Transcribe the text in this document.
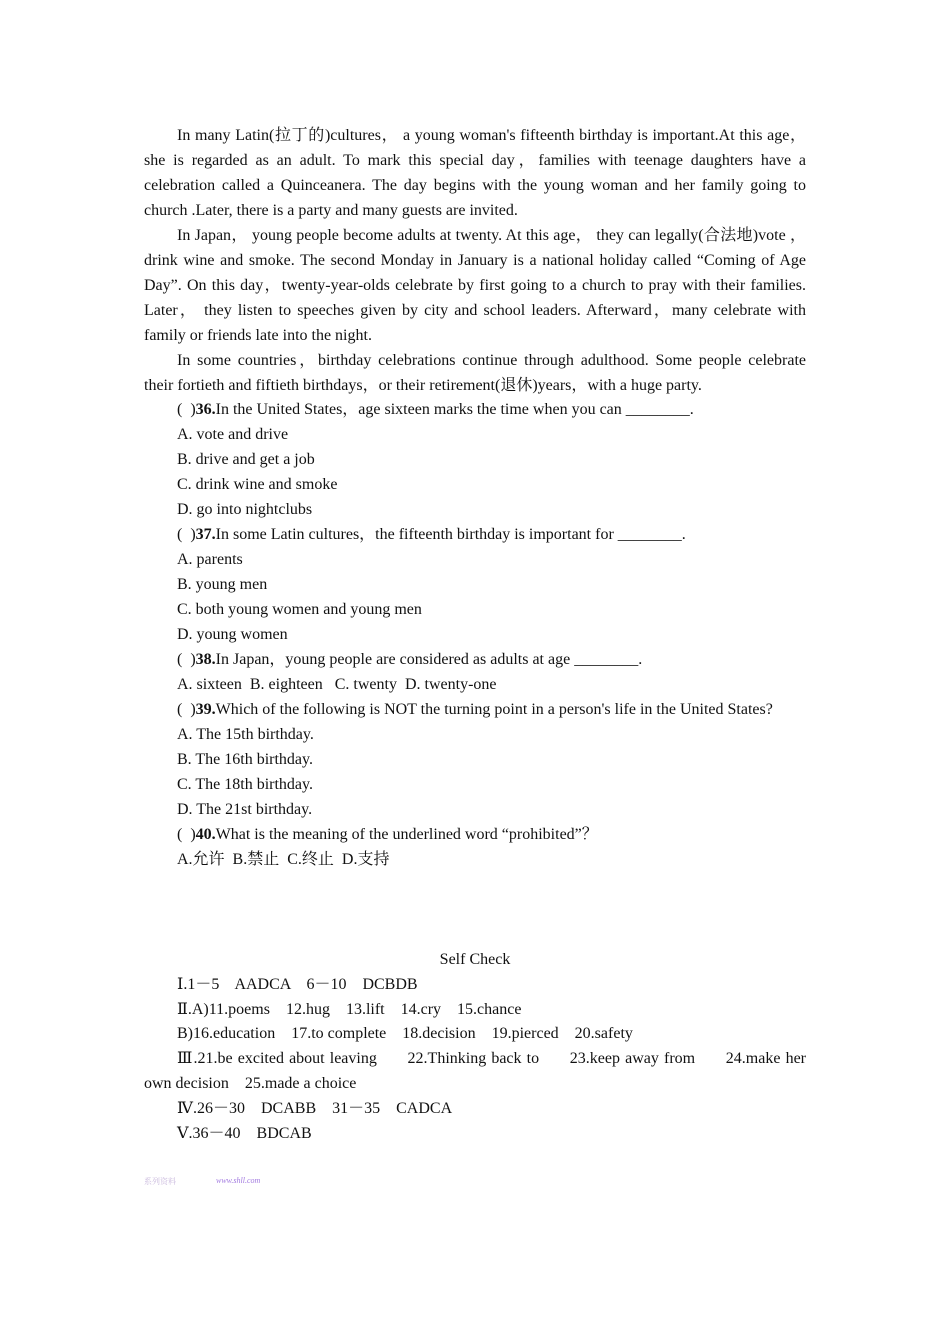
In many Latin(拉丁的)cultures， a young woman's fifteenth birthday is important.At this age，she is regarded as an adult. To mark this special day，families with teenage daughters have a celebration called a Quinceanera. The day begins with the young woman and her family going to church .Later, there is a party and many guests are invited.

In Japan， young people become adults at twenty. At this age， they can legally(合法地)vote ， drink wine and smoke. The second Monday in January is a national holiday called “Coming of Age Day”. On this day，twenty-year-olds celebrate by first going to a church to pray with their families. Later， they listen to speeches given by city and school leaders. Afterward，many celebrate with family or friends late into the night.

In some countries，birthday celebrations continue through adulthood. Some people celebrate their fortieth and fiftieth birthdays，or their retirement(退休)years，with a huge party.

(  )36.In the United States，age sixteen marks the time when you can ________.

A. vote and drive

B. drive and get a job

C. drink wine and smoke

D. go into nightclubs

(  )37.In some Latin cultures，the fifteenth birthday is important for ________.

A. parents

B. young men

C. both young women and young men

D. young women

(  )38.In Japan，young people are considered as adults at age ________.

A. sixteen  B. eighteen   C. twenty  D. twenty-one

(  )39.Which of the following is NOT the turning point in a person's life in the United States?

A. The 15th birthday.

B. The 16th birthday.

C. The 18th birthday.

D. The 21st birthday.

(  )40.What is the meaning of the underlined word “prohibited”？

A.允许  B.禁止  C.终止  D.支持

Self Check

Ⅰ.1－5    AADCA    6－10    DCBDB

Ⅱ.A)11.poems    12.hug    13.lift    14.cry    15.chance

B)16.education    17.to complete    18.decision    19.pierced    20.safety

Ⅲ.21.be excited about leaving      22.Thinking back to      23.keep away from      24.make her own decision    25.made a choice

Ⅳ.26－30    DCABB    31－35    CADCA

Ⅴ.36－40    BDCAB

系列资料	www.shll.com
